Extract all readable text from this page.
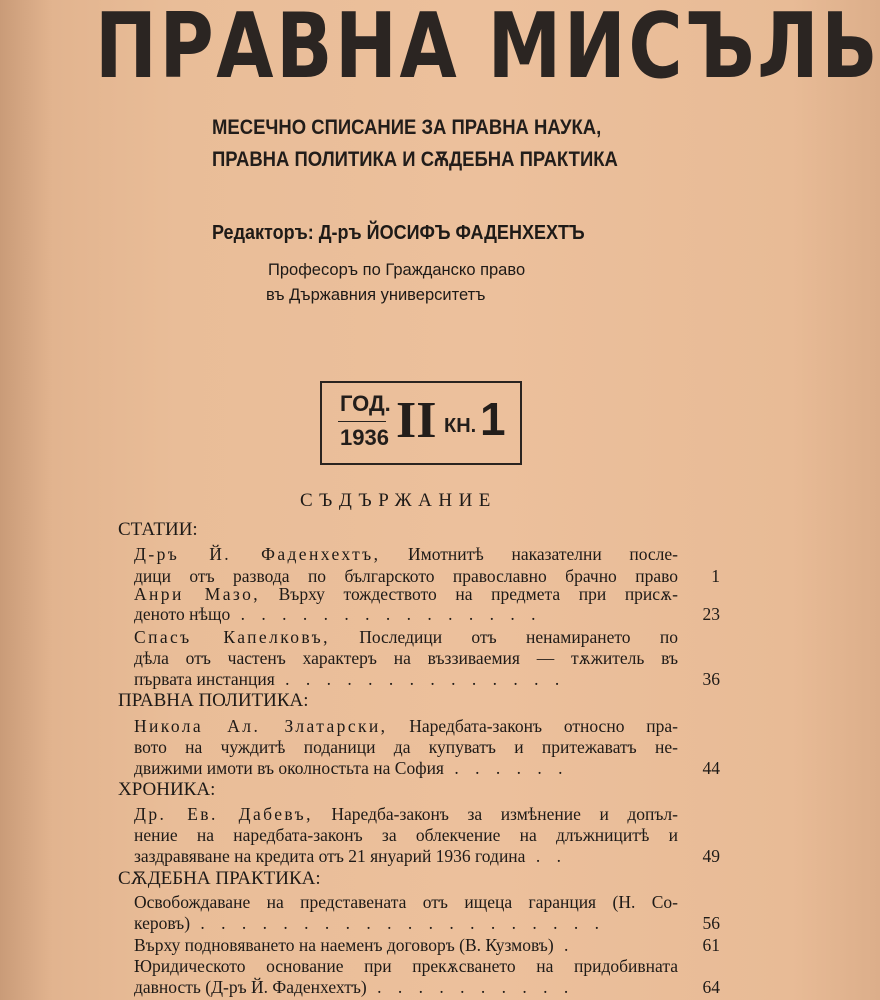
ПРАВНА МИСЪЛЬ
МЕСЕЧНО СПИСАНИЕ ЗА ПРАВНА НАУКА,
ПРАВНА ПОЛИТИКА И СѪДЕБНА ПРАКТИКА
Редакторъ: Д-ръ ЙОСИФЪ ФАДЕНХЕХТЪ
Професоръ по Гражданско право
въ Държавния университетъ
ГОД.
1936 II КН. 1
СЪДЪРЖАНИЕ
СТАТИИ:
Д-ръ Й. Фаденхехтъ, Имотнитѣ наказателни после-
дици отъ развода по българското православно брачно право	1
Анри Мазо, Върху тождеството на предмета при присѫ-
деното нѣщо . . . . . . . . . . . . . . .	23
Спасъ Капелковъ, Последици отъ ненамирането по
дѣла отъ частенъ характеръ на въззиваемия — тѫжитель въ
първата инстанция . . . . . . . . . . . . . .	36
ПРАВНА ПОЛИТИКА:
Никола Ал. Златарски, Наредбата-законъ относно пра-
вото на чуждитѣ поданици да купуватъ и притежаватъ не-
движими имоти въ околностьта на София . . . . . .	44
ХРОНИКА:
Др. Ев. Дабевъ, Наредба-законъ за измѣнение и допъл-
нение на наредбата-законъ за облекчение на длъжницитѣ и
заздравяване на кредита отъ 21 януарий 1936 година . .	49
СѪДЕБНА ПРАКТИКА:
Освобождаване на представената отъ ищеца гаранция (Н. Со-
керовъ) . . . . . . . . . . . . . . . . . . . .	56
Върху подновяването на наеменъ договоръ (В. Кузмовъ) .	61
Юридическото основание при прекѫсването на придобивната
давность (Д-ръ Й. Фаденхехтъ) . . . . . . . . . .	64
